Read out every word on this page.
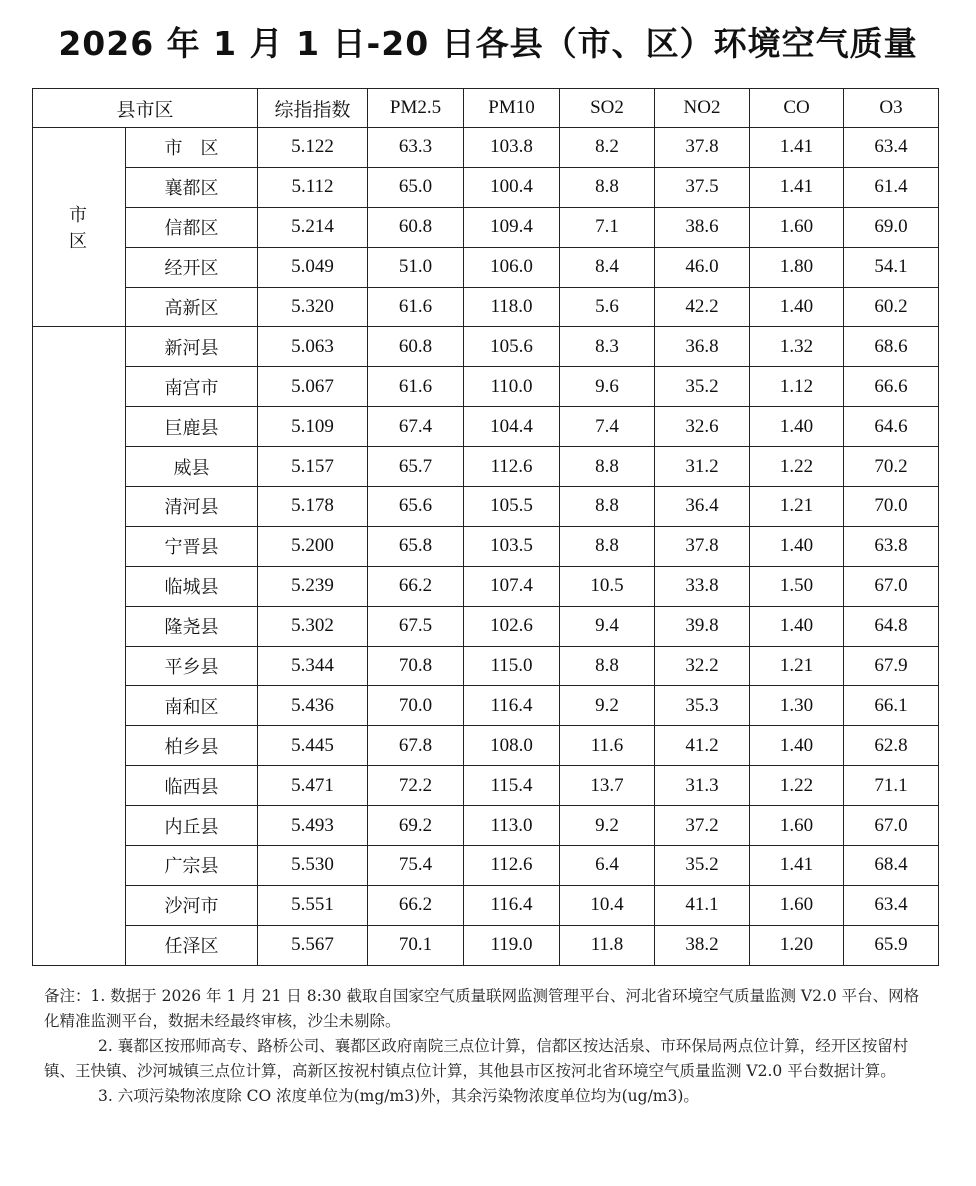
2026 年 1 月 1 日-20 日各县（市、区）环境空气质量
县市区		综指指数	PM2.5	PM10	SO2	NO2	CO	O3
市　区	市　区	5.122	63.3	103.8	8.2	37.8	1.41	63.4
	襄都区	5.112	65.0	100.4	8.8	37.5	1.41	61.4
	信都区	5.214	60.8	109.4	7.1	38.6	1.60	69.0
	经开区	5.049	51.0	106.0	8.4	46.0	1.80	54.1
	高新区	5.320	61.6	118.0	5.6	42.2	1.40	60.2
	新河县	5.063	60.8	105.6	8.3	36.8	1.32	68.6
	南宫市	5.067	61.6	110.0	9.6	35.2	1.12	66.6
	巨鹿县	5.109	67.4	104.4	7.4	32.6	1.40	64.6
	威县	5.157	65.7	112.6	8.8	31.2	1.22	70.2
	清河县	5.178	65.6	105.5	8.8	36.4	1.21	70.0
	宁晋县	5.200	65.8	103.5	8.8	37.8	1.40	63.8
	临城县	5.239	66.2	107.4	10.5	33.8	1.50	67.0
	隆尧县	5.302	67.5	102.6	9.4	39.8	1.40	64.8
	平乡县	5.344	70.8	115.0	8.8	32.2	1.21	67.9
	南和区	5.436	70.0	116.4	9.2	35.3	1.30	66.1
	柏乡县	5.445	67.8	108.0	11.6	41.2	1.40	62.8
	临西县	5.471	72.2	115.4	13.7	31.3	1.22	71.1
	内丘县	5.493	69.2	113.0	9.2	37.2	1.60	67.0
	广宗县	5.530	75.4	112.6	6.4	35.2	1.41	68.4
	沙河市	5.551	66.2	116.4	10.4	41.1	1.60	63.4
	任泽区	5.567	70.1	119.0	11.8	38.2	1.20	65.9

备注：1. 数据于 2026 年 1 月 21 日 8:30 截取自国家空气质量联网监测管理平台、河北省环境空气质量监测 V2.0 平台、网格化精准监测平台，数据未经最终审核，沙尘未剔除。

2. 襄都区按邢师高专、路桥公司、襄都区政府南院三点位计算，信都区按达活泉、市环保局两点位计算，经开区按留村镇、王快镇、沙河城镇三点位计算，高新区按祝村镇点位计算，其他县市区按河北省环境空气质量监测 V2.0 平台数据计算。

3. 六项污染物浓度除 CO 浓度单位为(mg/m3)外，其余污染物浓度单位均为(ug/m3)。
